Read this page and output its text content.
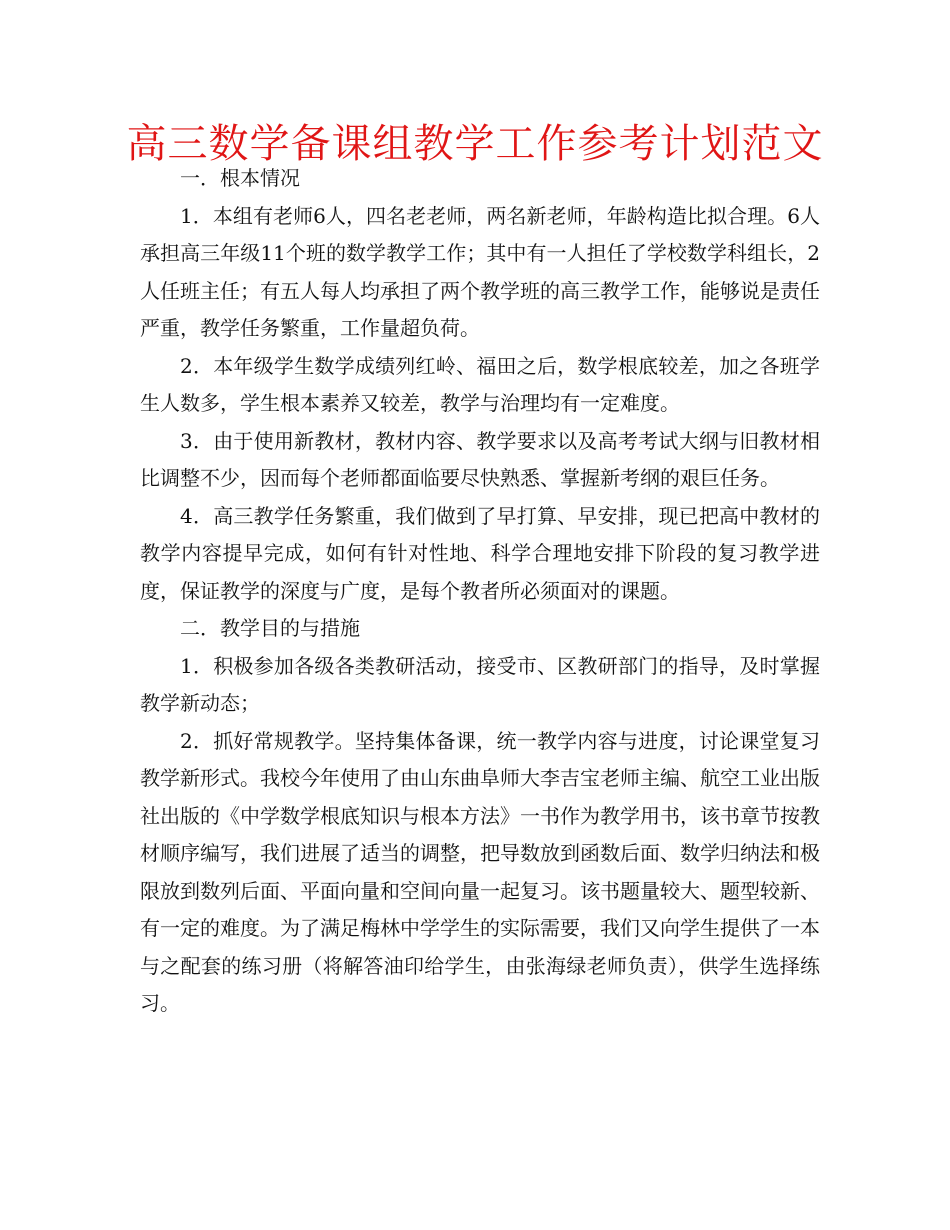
高三数学备课组教学工作参考计划范文

一．根本情况

1．本组有老师6人，四名老老师，两名新老师，年龄构造比拟合理。6人承担高三年级11个班的数学教学工作；其中有一人担任了学校数学科组长，2人任班主任；有五人每人均承担了两个教学班的高三教学工作，能够说是责任严重，教学任务繁重，工作量超负荷。

2．本年级学生数学成绩列红岭、福田之后，数学根底较差，加之各班学生人数多，学生根本素养又较差，教学与治理均有一定难度。

3．由于使用新教材，教材内容、教学要求以及高考考试大纲与旧教材相比调整不少，因而每个老师都面临要尽快熟悉、掌握新考纲的艰巨任务。

4．高三教学任务繁重，我们做到了早打算、早安排，现已把高中教材的教学内容提早完成，如何有针对性地、科学合理地安排下阶段的复习教学进度，保证教学的深度与广度，是每个教者所必须面对的课题。

二．教学目的与措施

1．积极参加各级各类教研活动，接受市、区教研部门的指导，及时掌握教学新动态；

2．抓好常规教学。坚持集体备课，统一教学内容与进度，讨论课堂复习教学新形式。我校今年使用了由山东曲阜师大李吉宝老师主编、航空工业出版社出版的《中学数学根底知识与根本方法》一书作为教学用书，该书章节按教材顺序编写，我们进展了适当的调整，把导数放到函数后面、数学归纳法和极限放到数列后面、平面向量和空间向量一起复习。该书题量较大、题型较新、有一定的难度。为了满足梅林中学学生的实际需要，我们又向学生提供了一本与之配套的练习册（将解答油印给学生，由张海绿老师负责），供学生选择练习。
